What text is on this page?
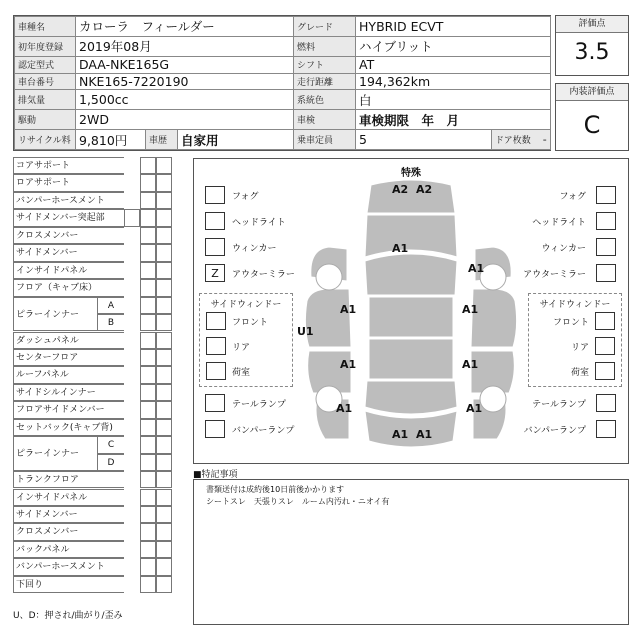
車種名	カローラ　フィールダー			グレード	HYBRID ECVT	
初年度登録	2019年08月			燃料	ハイブリット	
認定型式	DAA-NKE165G			シフト	AT	
車台番号	NKE165-7220190			走行距離	194,362km	
排気量	1,500cc			系統色	白	
駆動	2WD			車検	車検期限　年　月	
リサイクル料	9,810円	車歴	自家用	乗車定員	5	ドア枚数 -
評価点
3.5
内装評価点
C
コアサポート
ロアサポート
バンパーホースメント
サイドメンバー突起部
クロスメンバー
サイドメンバー
インサイドパネル
フロア（キャブ床）
ピラーインナー
A
B
ダッシュパネル
センターフロア
ルーフパネル
サイドシルインナー
フロアサイドメンバー
セットバック(キャブ背)
ピラーインナー
C
D
トランクフロア
インサイドパネル
サイドメンバー
クロスメンバー
バックパネル
バンパーホースメント
下回り
特殊
A2 A2
A1
A1
A1
U1
A1
A1	A1
A1	A1
A1 A1
フォグ
ヘッドライト
ウィンカー
Z	アウターミラー
フォグ
ヘッドライト
ウィンカー
アウターミラー
サイドウィンドー
フロント
リア
荷室
サイドウィンドー
フロント
リア
荷室
テールランプ
バンパーランプ
テールランプ
バンパーランプ
■特記事項
書類送付は成約後10日前後かかります
シートスレ　天張りスレ　ルーム内汚れ・ニオイ有
U、D：押され/曲がり/歪み
